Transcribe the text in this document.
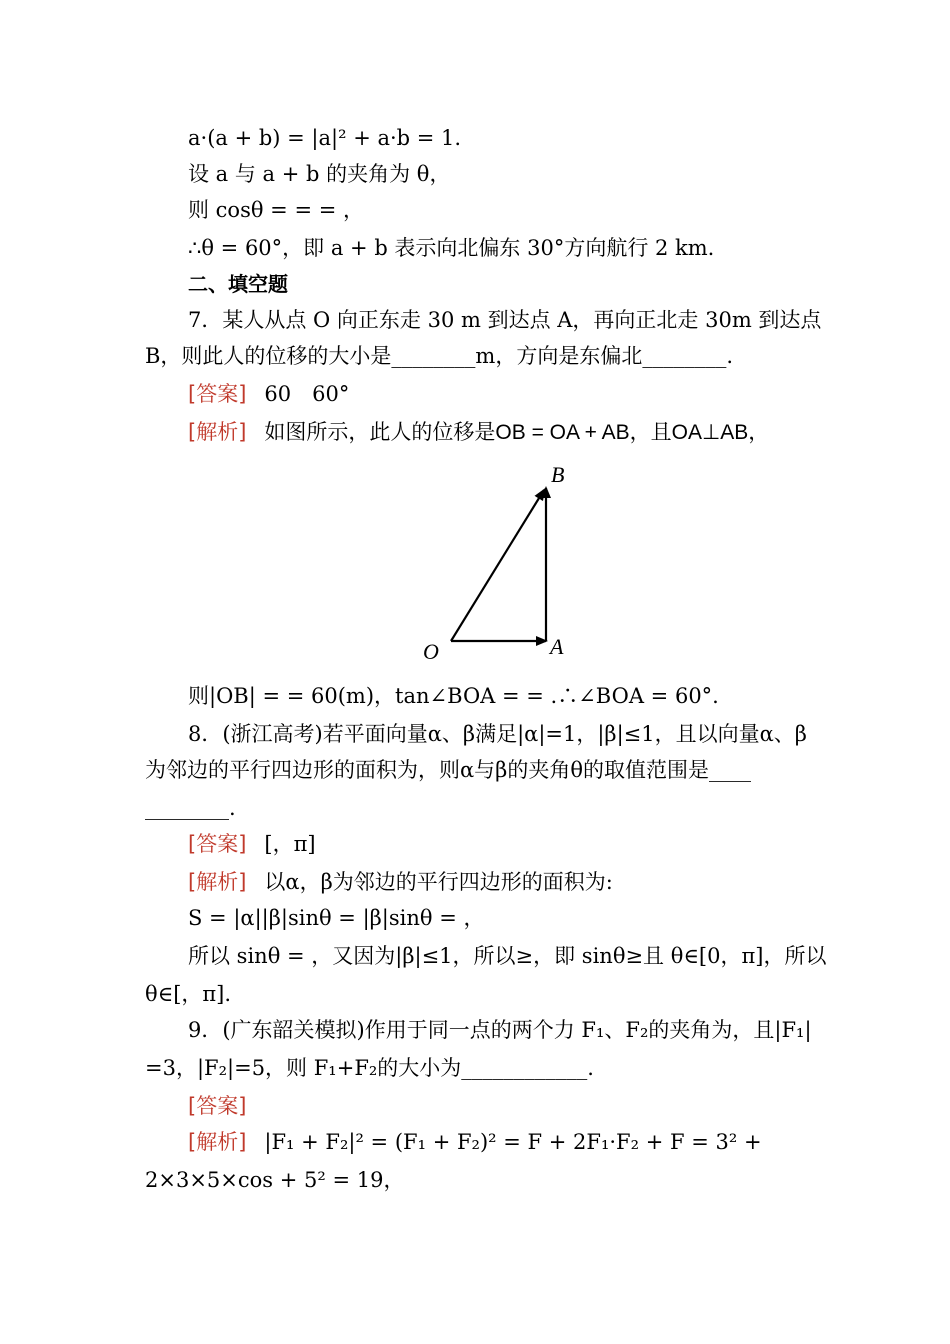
a·(a + b) = |a|² + a·b = 1.
设 a 与 a + b 的夹角为 θ，
则 cosθ = = = ，
∴θ = 60°，即 a + b 表示向北偏东 30°方向航行 2 km.
二、填空题
7．某人从点 O 向正东走 30 m 到达点 A，再向正北走 30m 到达点
B，则此人的位移的大小是________m，方向是东偏北________.
[答案] 60　60°
[解析] 如图所示，此人的位移是OB = OA + AB，且OA⊥AB，
O	A
B
则|OB| = = 60(m)，tan∠BOA = = .∴∠BOA = 60°.
8．(浙江高考)若平面向量α、β满足|α|=1，|β|≤1，且以向量α、β
为邻边的平行四边形的面积为，则α与β的夹角θ的取值范围是____
________.
[答案] [，π]
[解析] 以α，β为邻边的平行四边形的面积为:
S = |α||β|sinθ = |β|sinθ = ，
所以 sinθ = ，又因为|β|≤1，所以≥，即 sinθ≥且 θ∈[0，π]，所以
θ∈[，π].
9．(广东韶关模拟)作用于同一点的两个力 F₁、F₂的夹角为，且|F₁|
=3，|F₂|=5，则 F₁+F₂的大小为____________.
[答案]
[解析] |F₁ + F₂|² = (F₁ + F₂)² = F + 2F₁·F₂ + F = 3² +
2×3×5×cos + 5² = 19，
